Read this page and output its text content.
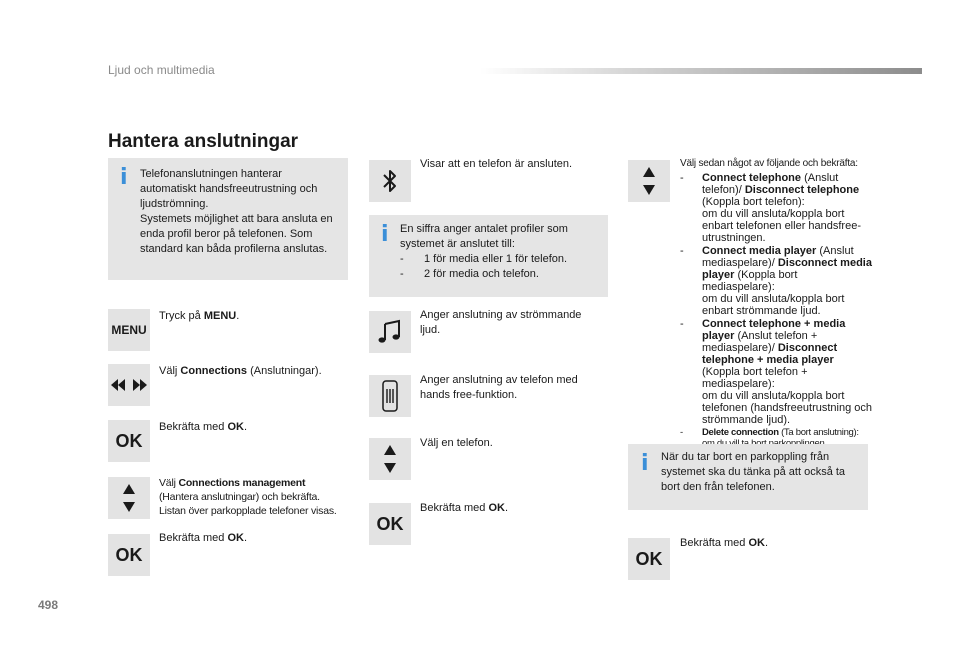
Ljud och multimedia
Hantera anslutningar
i Telefonanslutningen hanterar automatiskt handsfreeutrustning och ljudströmning.
Systemets möjlighet att bara ansluta en enda profil beror på telefonen. Som standard kan båda profilerna anslutas.
MENU
Tryck på MENU.
Välj Connections (Anslutningar).
OK
Bekräfta med OK.
Välj Connections management
(Hantera anslutningar) och bekräfta.
Listan över parkopplade telefoner visas.
OK
Bekräfta med OK.
Visar att en telefon är ansluten.
i En siffra anger antalet profiler som systemet är anslutet till:
- 1 för media eller 1 för telefon.
- 2 för media och telefon.
Anger anslutning av strömmande ljud.
Anger anslutning av telefon med hands free-funktion.
Välj en telefon.
OK
Bekräfta med OK.
Välj sedan något av följande och bekräfta:
- Connect telephone (Anslut telefon)/ Disconnect telephone (Koppla bort telefon):
om du vill ansluta/koppla bort enbart telefonen eller handsfree-utrustningen.
- Connect media player (Anslut mediaspelare)/ Disconnect media player (Koppla bort mediaspelare):
om du vill ansluta/koppla bort enbart strömmande ljud.
- Connect telephone + media player (Anslut telefon + mediaspelare)/ Disconnect telephone + media player (Koppla bort telefon + mediaspelare):
om du vill ansluta/koppla bort telefonen (handsfreeutrustning och strömmande ljud).
- Delete connection (Ta bort anslutning):

i När du tar bort en parkoppling från systemet ska du tänka på att också ta bort den från telefonen.
OK
Bekräfta med OK.
498
